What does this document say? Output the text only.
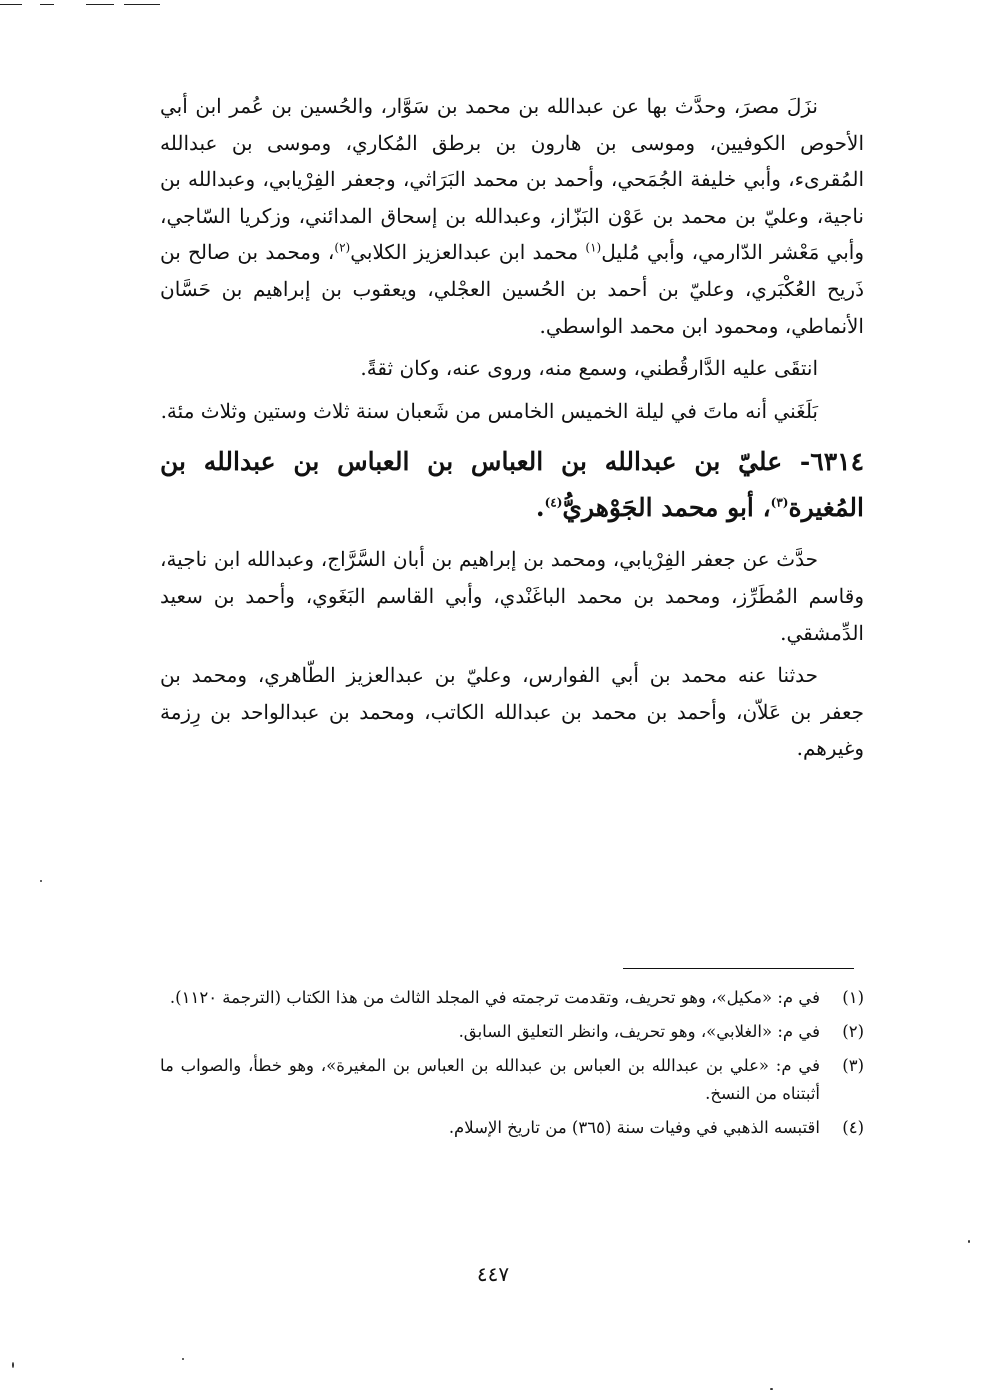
نزَلَ مصرَ، وحدَّث بها عن عبدالله بن محمد بن سَوَّار، والحُسين بن عُمر ابن أبي الأحوص الكوفيين، وموسى بن هارون بن برطق المُكاري، وموسى بن عبدالله المُقرىء، وأبي خليفة الجُمَحي، وأحمد بن محمد البَرَاثي، وجعفر الفِرْيابي، وعبدالله بن ناجية، وعليّ بن محمد بن عَوْن البَزّاز، وعبدالله بن إسحاق المدائني، وزكريا السّاجي، وأبي مَعْشر الدّارمي، وأبي مُليل$^{(١)}$ محمد ابن عبدالعزيز الكلابي$^{(٢)}$، ومحمد بن صالح بن ذَريح العُكْبَري، وعليّ بن أحمد بن الحُسين العجْلي، ويعقوب بن إبراهيم بن حَسَّان الأنماطي، ومحمود ابن محمد الواسطي.

انتقَى عليه الدَّارقُطني، وسمع منه، وروى عنه، وكان ثقةً.

بَلَغَني أنه ماتَ في ليلة الخميس الخامس من شَعبان سنة ثلاث وستين وثلاث مئة.

٦٣١٤- عليّ بن عبدالله بن العباس بن العباس بن عبدالله بن المُغيرة$^{(٣)}$، أبو محمد الجَوْهريُّ$^{(٤)}$.

حدَّث عن جعفر الفِرْيابي، ومحمد بن إبراهيم بن أبان السَّرَّاج، وعبدالله ابن ناجية، وقاسم المُطَرِّز، ومحمد بن محمد الباغَنْدي، وأبي القاسم البَغَوي، وأحمد بن سعيد الدِّمشقي.

حدثنا عنه محمد بن أبي الفوارس، وعليّ بن عبدالعزيز الطّاهري، ومحمد بن جعفر بن عَلاّن، وأحمد بن محمد بن عبدالله الكاتب، ومحمد بن عبدالواحد بن رِزمة وغيرهم.

(١)
في م: «مكيل»، وهو تحريف، وتقدمت ترجمته في المجلد الثالث من هذا الكتاب (الترجمة ١١٢٠).
(٢)
في م: «الغلابي»، وهو تحريف، وانظر التعليق السابق.
(٣)
في م: «علي بن عبدالله بن العباس بن عبدالله بن العباس بن المغيرة»، وهو خطأ، والصواب ما أثبتناه من النسخ.
(٤)
اقتبسه الذهبي في وفيات سنة (٣٦٥) من تاريخ الإسلام.
٤٤٧
